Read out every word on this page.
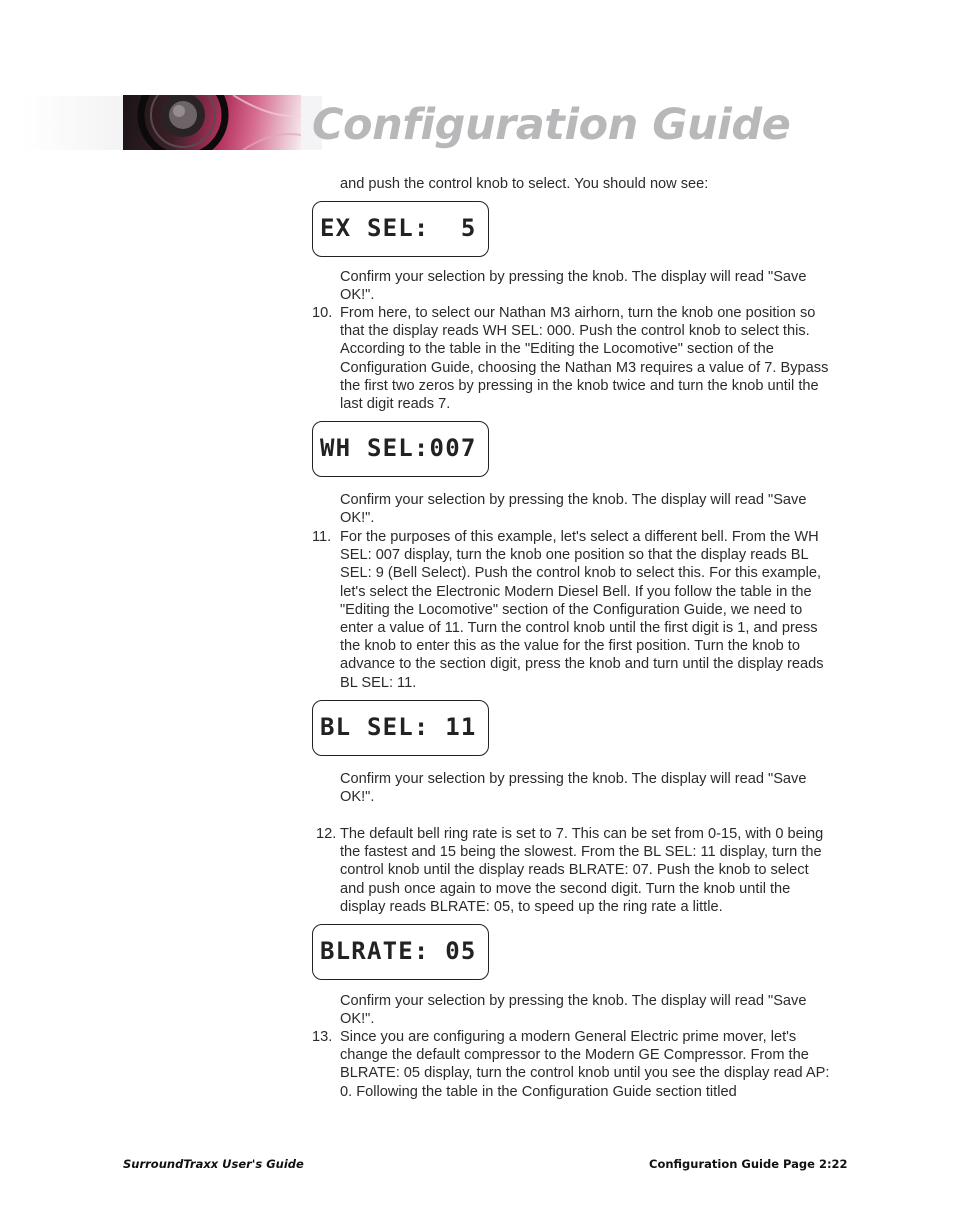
Configuration Guide
and push the control knob to select. You should now see:
EX SEL:  5
Confirm your selection by pressing the knob. The display will read "Save OK!".
10. From here, to select our Nathan M3 airhorn, turn the knob one position so that the display reads WH SEL: 000. Push the control knob to select this. According to the table in the "Editing the Locomotive" section of the Configuration Guide, choosing the Nathan M3 requires a value of 7. Bypass the first two zeros by pressing in the knob twice and turn the knob until the last digit reads 7.
WH SEL:007
Confirm your selection by pressing the knob. The display will read "Save OK!".
11. For the purposes of this example, let's select a different bell. From the WH SEL: 007 display, turn the knob one position so that the display reads BL SEL: 9 (Bell Select). Push the control knob to select this. For this example, let's select the Electronic Modern Diesel Bell. If you follow the table in the "Editing the Locomotive" section of the Configuration Guide, we need to enter a value of 11. Turn the control knob until the first digit is 1, and press the knob to enter this as the value for the first position. Turn the knob to advance to the section digit, press the knob and turn until the display reads BL SEL: 11.
BL SEL: 11
Confirm your selection by pressing the knob. The display will read "Save OK!".
12. The default bell ring rate is set to 7. This can be set from 0-15, with 0 being the fastest and 15 being the slowest. From the BL SEL: 11 display, turn the control knob until the display reads BLRATE: 07. Push the knob to select and push once again to move the second digit. Turn the knob until the display reads BLRATE: 05, to speed up the ring rate a little.
BLRATE: 05
Confirm your selection by pressing the knob. The display will read "Save OK!".
13. Since you are configuring a modern General Electric prime mover, let's change the default compressor to the Modern GE Compressor. From the BLRATE: 05 display, turn the control knob until you see the display read AP: 0. Following the table in the Configuration Guide section titled
SurroundTraxx User's Guide	Configuration Guide Page 2:22
